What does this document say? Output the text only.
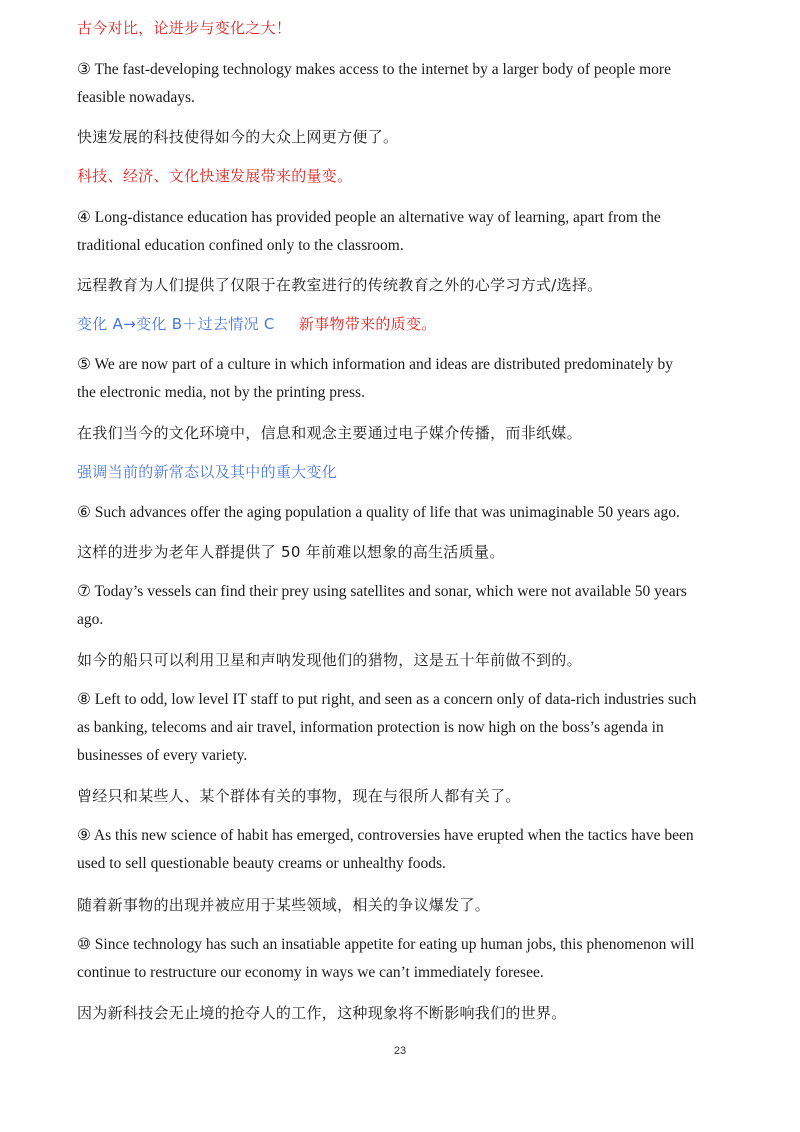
古今对比，论进步与变化之大！
③ The fast-developing technology makes access to the internet by a larger body of people more
feasible nowadays.
快速发展的科技使得如今的大众上网更方便了。
科技、经济、文化快速发展带来的量变。
④ Long-distance education has provided people an alternative way of learning, apart from the
traditional education confined only to the classroom.
远程教育为人们提供了仅限于在教室进行的传统教育之外的心学习方式/选择。
变化 A→变化 B＋过去情况 C 新事物带来的质变。
⑤ We are now part of a culture in which information and ideas are distributed predominately by
the electronic media, not by the printing press.
在我们当今的文化环境中，信息和观念主要通过电子媒介传播，而非纸媒。
强调当前的新常态以及其中的重大变化
⑥ Such advances offer the aging population a quality of life that was unimaginable 50 years ago.
这样的进步为老年人群提供了 50 年前难以想象的高生活质量。
⑦ Today’s vessels can find their prey using satellites and sonar, which were not available 50 years
ago.
如今的船只可以利用卫星和声呐发现他们的猎物，这是五十年前做不到的。
⑧ Left to odd, low level IT staff to put right, and seen as a concern only of data-rich industries such
as banking, telecoms and air travel, information protection is now high on the boss’s agenda in
businesses of every variety.
曾经只和某些人、某个群体有关的事物，现在与很所人都有关了。
⑨ As this new science of habit has emerged, controversies have erupted when the tactics have been
used to sell questionable beauty creams or unhealthy foods.
随着新事物的出现并被应用于某些领域，相关的争议爆发了。
⑩ Since technology has such an insatiable appetite for eating up human jobs, this phenomenon will
continue to restructure our economy in ways we can’t immediately foresee.
因为新科技会无止境的抢夺人的工作，这种现象将不断影响我们的世界。
23
